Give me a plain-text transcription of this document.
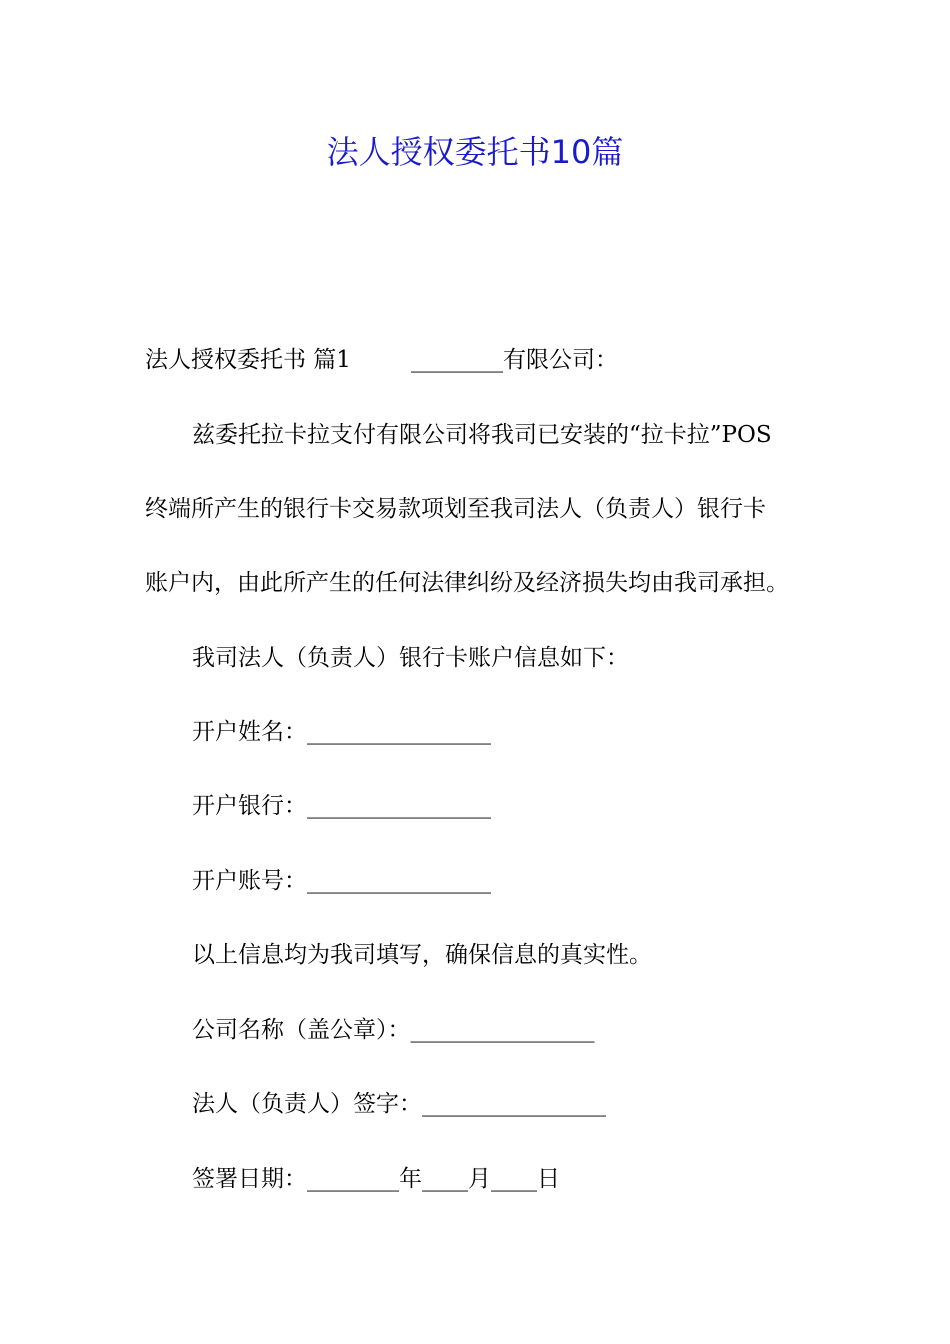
法人授权委托书10篇

法人授权委托书 篇1	________有限公司：

兹委托拉卡拉支付有限公司将我司已安装的“拉卡拉”POS

终端所产生的银行卡交易款项划至我司法人（负责人）银行卡

账户内，由此所产生的任何法律纠纷及经济损失均由我司承担。

我司法人（负责人）银行卡账户信息如下：

开户姓名：________________

开户银行：________________

开户账号：________________

以上信息均为我司填写，确保信息的真实性。

公司名称（盖公章）：________________

法人（负责人）签字：________________

签署日期：________年____月____日
